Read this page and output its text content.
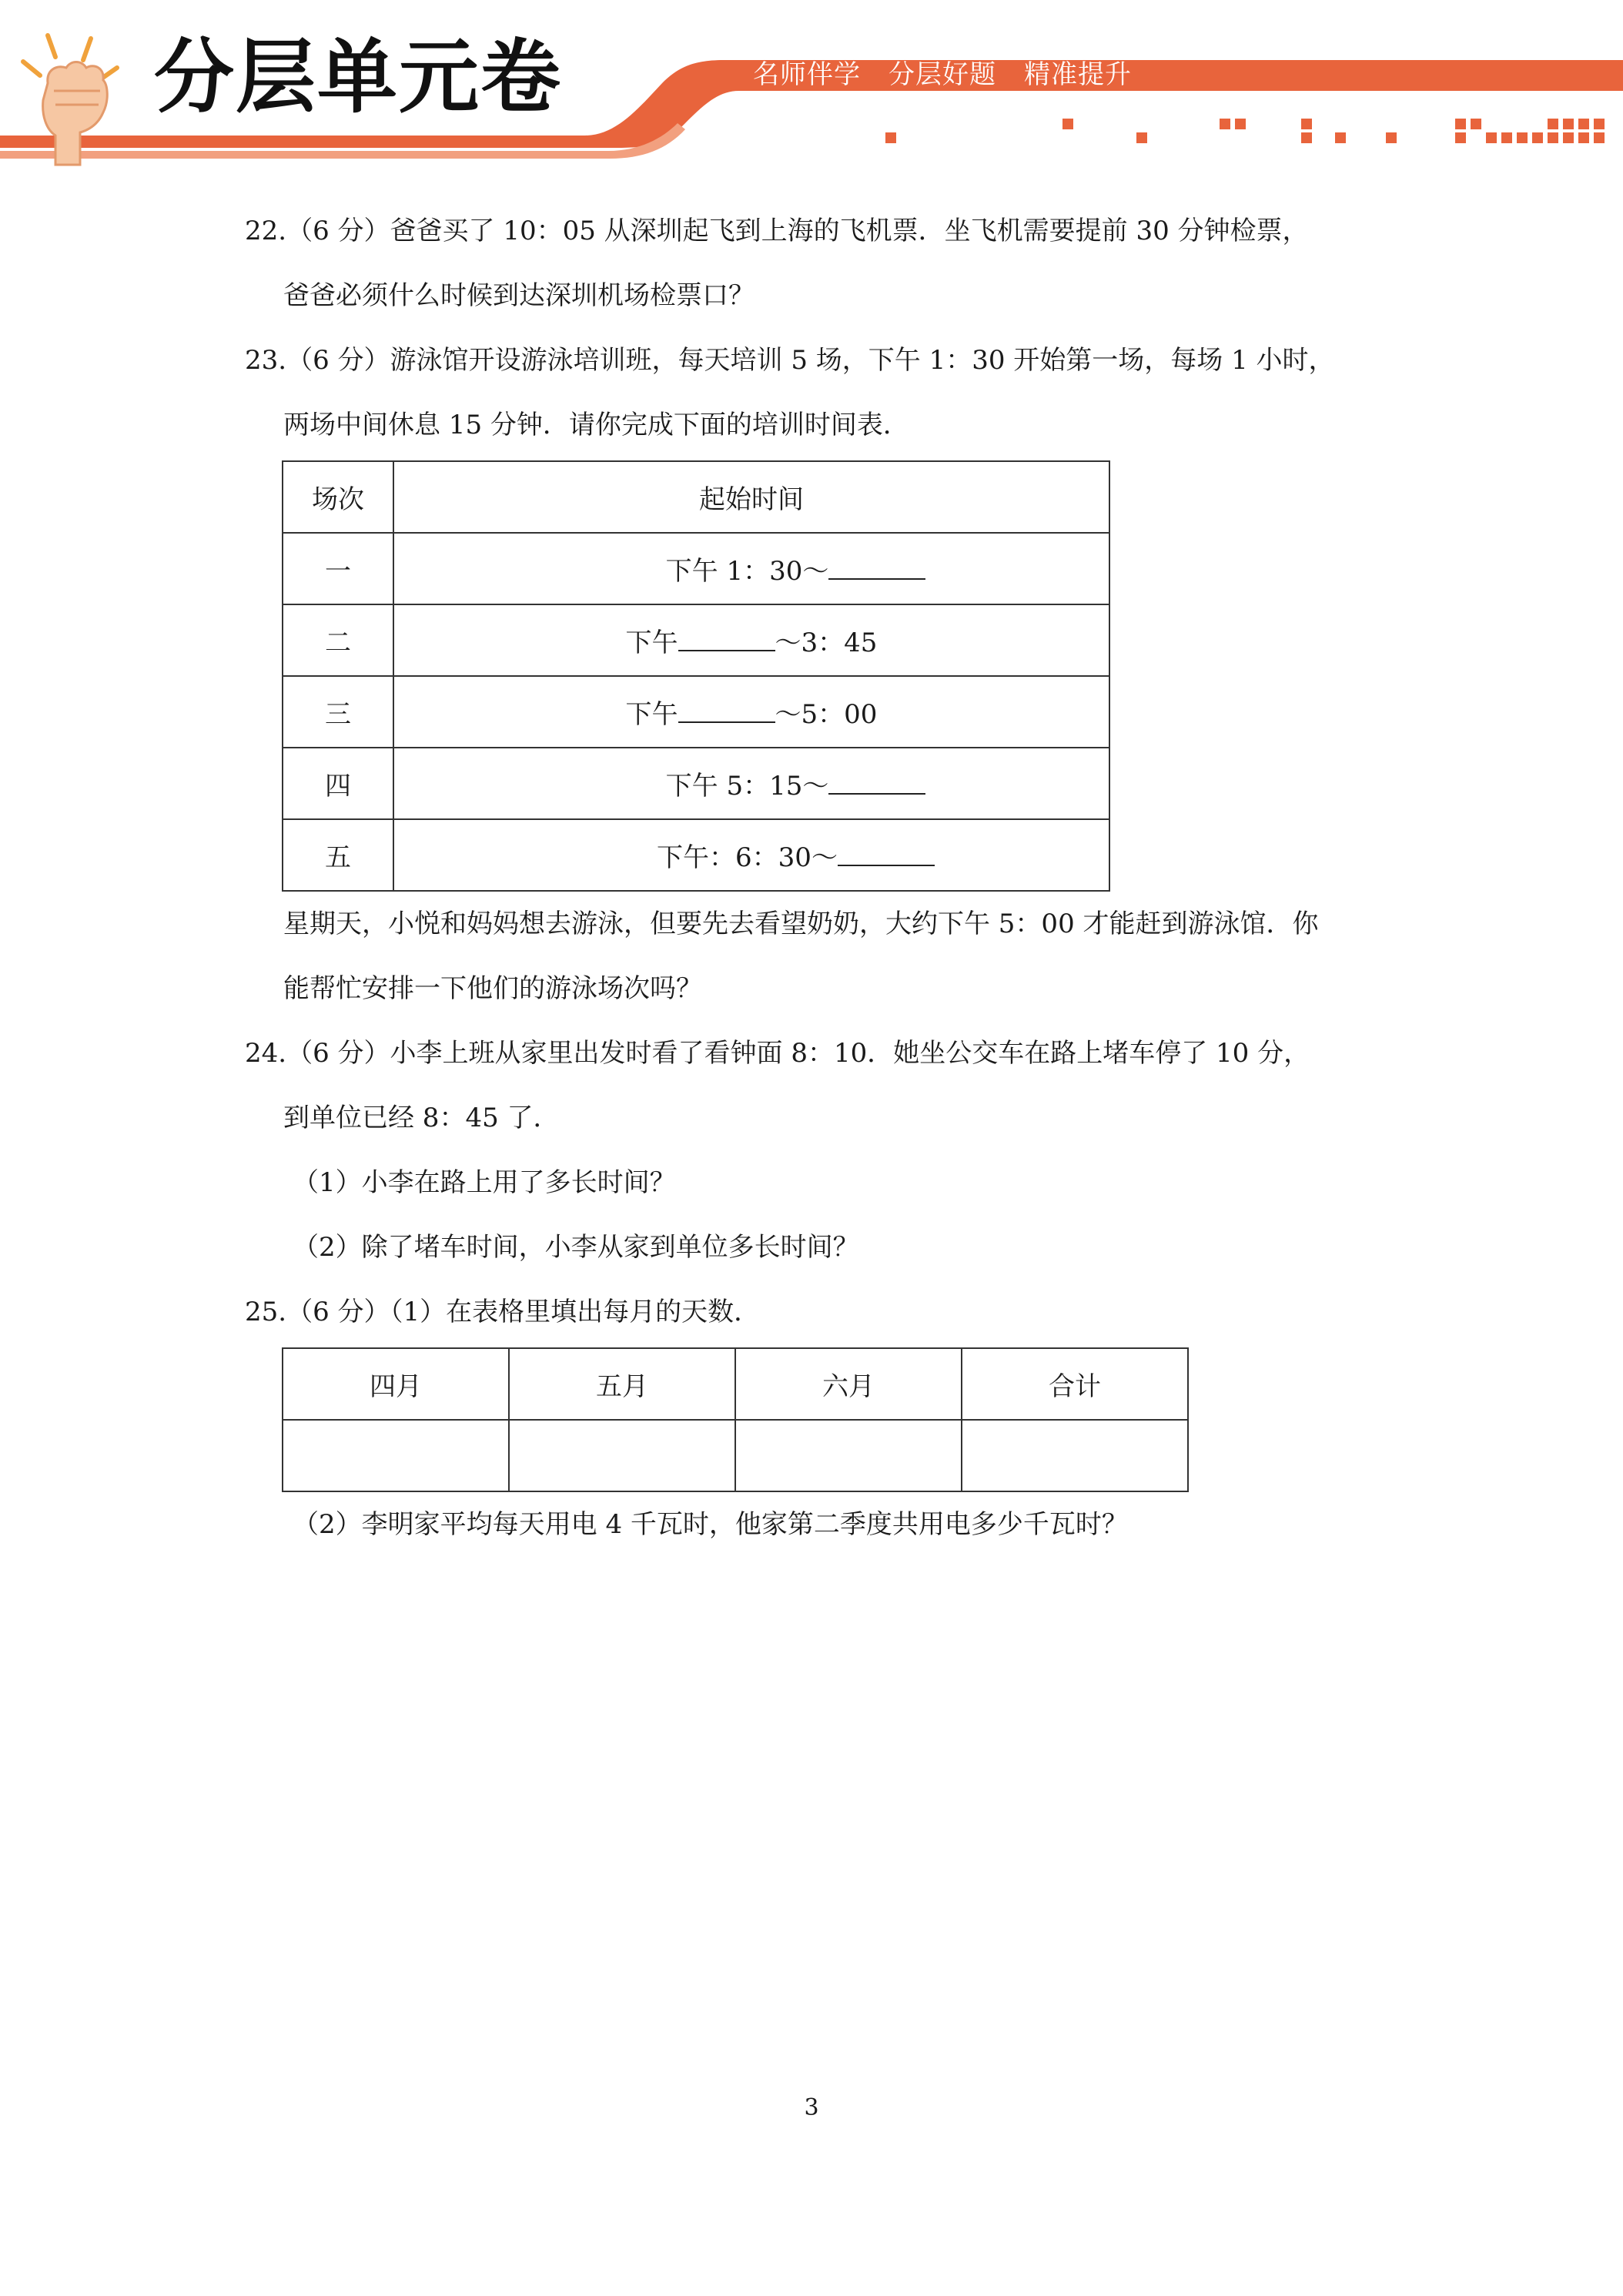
分层单元卷	名师伴学 分层好题 精准提升
22.（6 分）爸爸买了 10：05 从深圳起飞到上海的飞机票．坐飞机需要提前 30 分钟检票，
爸爸必须什么时候到达深圳机场检票口？
23.（6 分）游泳馆开设游泳培训班，每天培训 5 场，下午 1：30 开始第一场，每场 1 小时，
两场中间休息 15 分钟．请你完成下面的培训时间表．
场次	起始时间

一	下午 1：30～

二	下午 ～3：45

三	下午 ～5：00

四	下午 5：15～

五	下午：6：30～
星期天，小悦和妈妈想去游泳，但要先去看望奶奶，大约下午 5：00 才能赶到游泳馆．你
能帮忙安排一下他们的游泳场次吗？
24.（6 分）小李上班从家里出发时看了看钟面 8：10．她坐公交车在路上堵车停了 10 分，
到单位已经 8：45 了．
（1）小李在路上用了多长时间？
（2）除了堵车时间，小李从家到单位多长时间？
25.（6 分）（1）在表格里填出每月的天数．
四月	五月	六月	合计

（2）李明家平均每天用电 4 千瓦时，他家第二季度共用电多少千瓦时？
3
